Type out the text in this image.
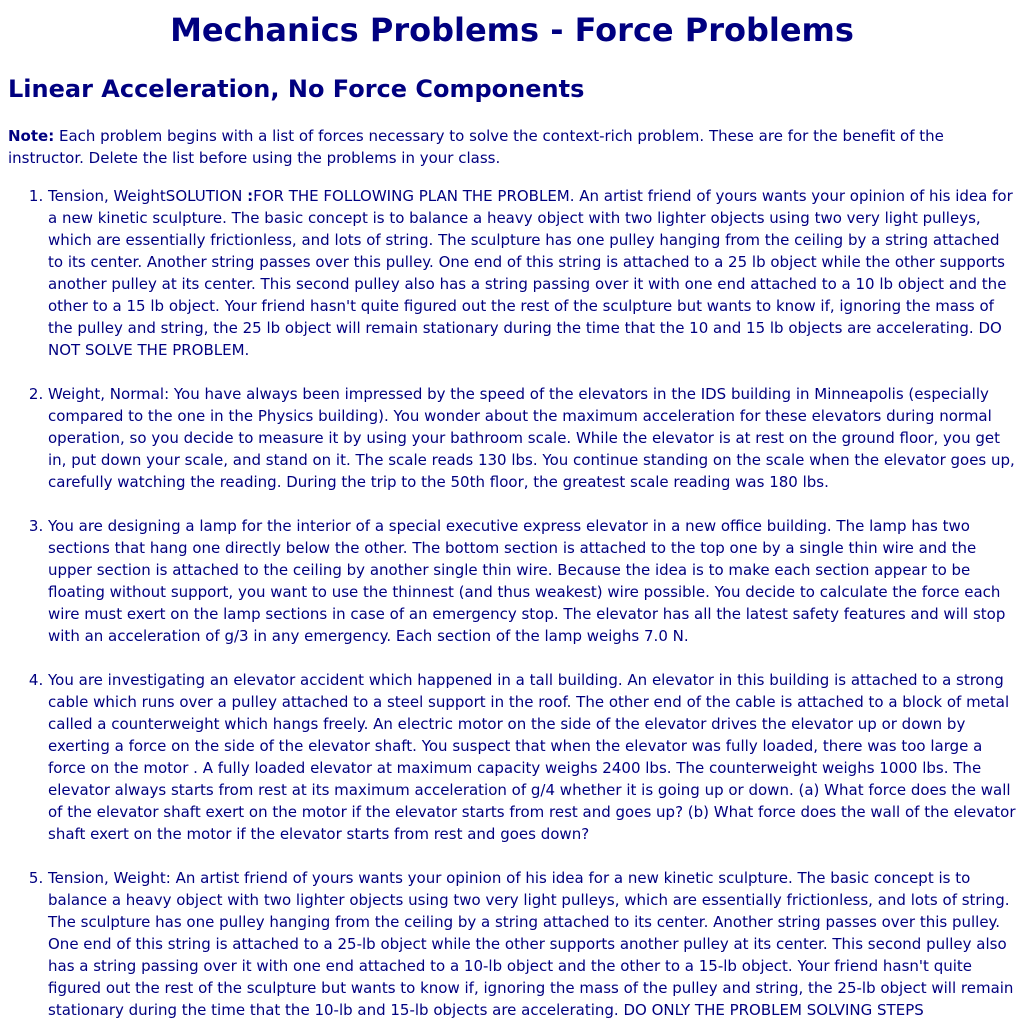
Mechanics Problems - Force Problems
Linear Acceleration, No Force Components

Note: Each problem begins with a list of forces necessary to solve the context-rich problem. These are for the benefit of the instructor. Delete the list before using the problems in your class.

1. Tension, WeightSOLUTION :FOR THE FOLLOWING PLAN THE PROBLEM. An artist friend of yours wants your opinion of his idea for a new kinetic sculpture. The basic concept is to balance a heavy object with two lighter objects using two very light pulleys, which are essentially frictionless, and lots of string. The sculpture has one pulley hanging from the ceiling by a string attached to its center. Another string passes over this pulley. One end of this string is attached to a 25 lb object while the other supports another pulley at its center. This second pulley also has a string passing over it with one end attached to a 10 lb object and the other to a 15 lb object. Your friend hasn't quite figured out the rest of the sculpture but wants to know if, ignoring the mass of the pulley and string, the 25 lb object will remain stationary during the time that the 10 and 15 lb objects are accelerating. DO NOT SOLVE THE PROBLEM.
2. Weight, Normal: You have always been impressed by the speed of the elevators in the IDS building in Minneapolis (especially compared to the one in the Physics building). You wonder about the maximum acceleration for these elevators during normal operation, so you decide to measure it by using your bathroom scale. While the elevator is at rest on the ground floor, you get in, put down your scale, and stand on it. The scale reads 130 lbs. You continue standing on the scale when the elevator goes up, carefully watching the reading. During the trip to the 50th floor, the greatest scale reading was 180 lbs.
3. You are designing a lamp for the interior of a special executive express elevator in a new office building. The lamp has two sections that hang one directly below the other. The bottom section is attached to the top one by a single thin wire and the upper section is attached to the ceiling by another single thin wire. Because the idea is to make each section appear to be floating without support, you want to use the thinnest (and thus weakest) wire possible. You decide to calculate the force each wire must exert on the lamp sections in case of an emergency stop. The elevator has all the latest safety features and will stop with an acceleration of g/3 in any emergency. Each section of the lamp weighs 7.0 N.
4. You are investigating an elevator accident which happened in a tall building. An elevator in this building is attached to a strong cable which runs over a pulley attached to a steel support in the roof. The other end of the cable is attached to a block of metal called a counterweight which hangs freely. An electric motor on the side of the elevator drives the elevator up or down by exerting a force on the side of the elevator shaft. You suspect that when the elevator was fully loaded, there was too large a force on the motor . A fully loaded elevator at maximum capacity weighs 2400 lbs. The counterweight weighs 1000 lbs. The elevator always starts from rest at its maximum acceleration of g/4 whether it is going up or down. (a) What force does the wall of the elevator shaft exert on the motor if the elevator starts from rest and goes up? (b) What force does the wall of the elevator shaft exert on the motor if the elevator starts from rest and goes down?
5. Tension, Weight: An artist friend of yours wants your opinion of his idea for a new kinetic sculpture. The basic concept is to balance a heavy object with two lighter objects using two very light pulleys, which are essentially frictionless, and lots of string. The sculpture has one pulley hanging from the ceiling by a string attached to its center. Another string passes over this pulley. One end of this string is attached to a 25-lb object while the other supports another pulley at its center. This second pulley also has a string passing over it with one end attached to a 10-lb object and the other to a 15-lb object. Your friend hasn't quite figured out the rest of the sculpture but wants to know if, ignoring the mass of the pulley and string, the 25-lb object will remain stationary during the time that the 10-lb and 15-lb objects are accelerating. DO ONLY THE PROBLEM SOLVING STEPS
